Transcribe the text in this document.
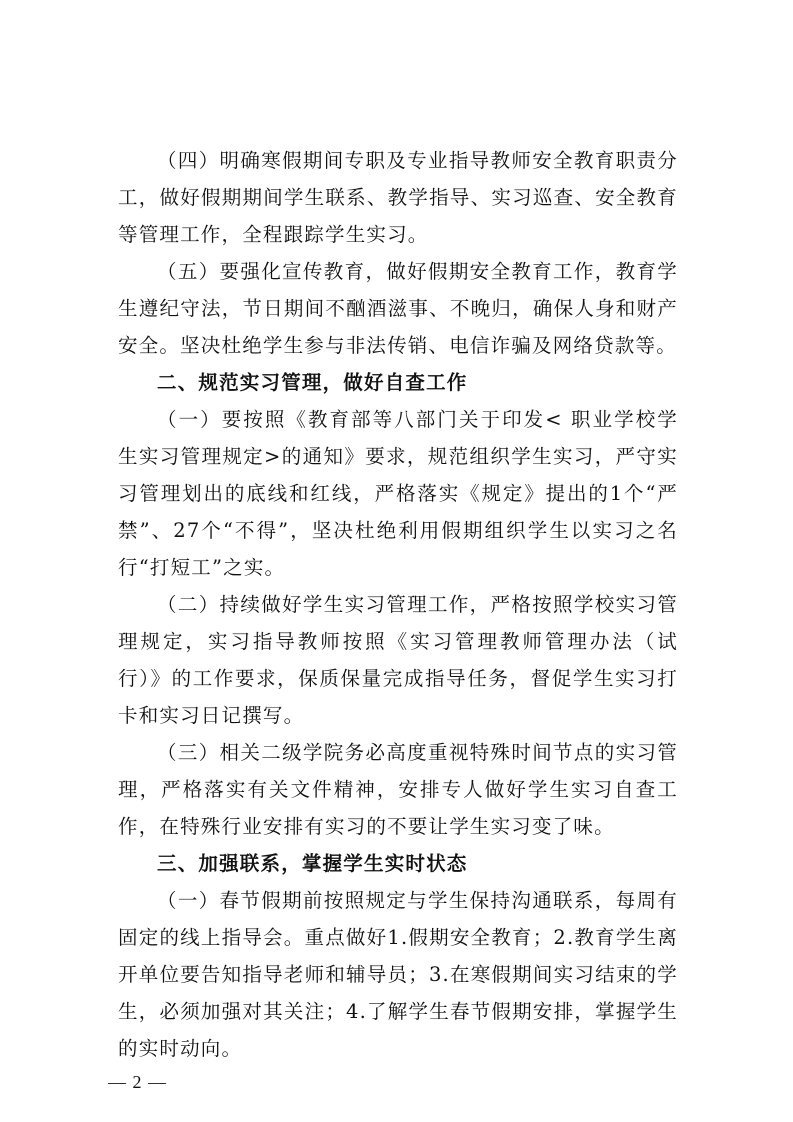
（四）明确寒假期间专职及专业指导教师安全教育职责分工，做好假期期间学生联系、教学指导、实习巡查、安全教育等管理工作，全程跟踪学生实习。

（五）要强化宣传教育，做好假期安全教育工作，教育学生遵纪守法，节日期间不酗酒滋事、不晚归，确保人身和财产安全。坚决杜绝学生参与非法传销、电信诈骗及网络贷款等。

二、规范实习管理，做好自查工作

（一）要按照《教育部等八部门关于印发< 职业学校学生实习管理规定>的通知》要求，规范组织学生实习，严守实习管理划出的底线和红线，严格落实《规定》提出的1个“严禁”、27个“不得”，坚决杜绝利用假期组织学生以实习之名行“打短工”之实。

（二）持续做好学生实习管理工作，严格按照学校实习管理规定，实习指导教师按照《实习管理教师管理办法（试行）》的工作要求，保质保量完成指导任务，督促学生实习打卡和实习日记撰写。

（三）相关二级学院务必高度重视特殊时间节点的实习管理，严格落实有关文件精神，安排专人做好学生实习自查工作，在特殊行业安排有实习的不要让学生实习变了味。

三、加强联系，掌握学生实时状态

（一）春节假期前按照规定与学生保持沟通联系，每周有固定的线上指导会。重点做好1.假期安全教育；2.教育学生离开单位要告知指导老师和辅导员；3.在寒假期间实习结束的学生，必须加强对其关注；4.了解学生春节假期安排，掌握学生的实时动向。

— 2 —
